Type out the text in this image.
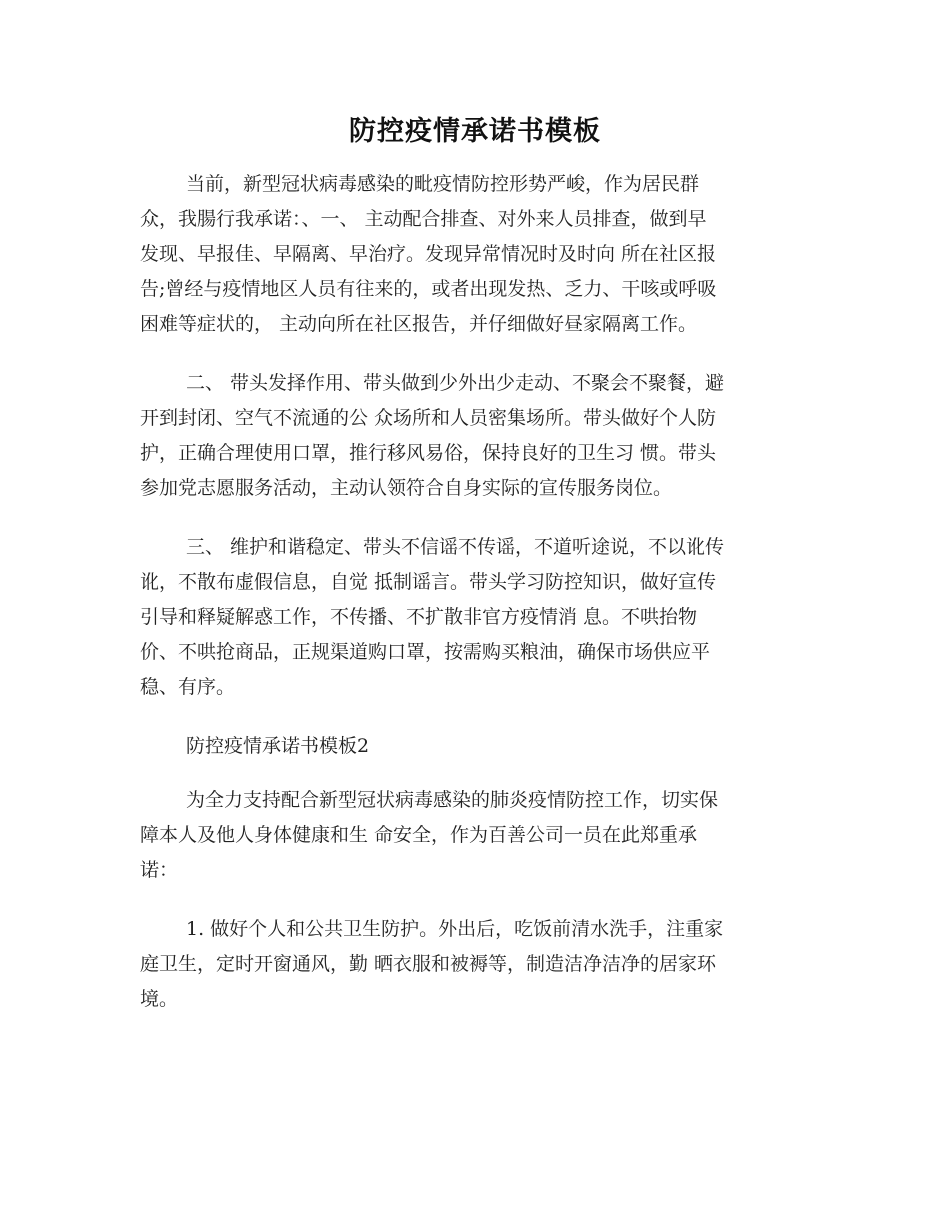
防控疫情承诺书模板

当前，新型冠状病毒感染的毗疫情防控形势严峻，作为居民群

众，我腸行我承诺：、一、 主动配合排查、对外来人员排查，做到早

发现、早报佳、早隔离、早治疗。发现异常情况时及时向 所在社区报

告;曾经与疫情地区人员有往来的，或者出现发热、乏力、干咳或呼吸

困难等症状的， 主动向所在社区报告，并仔细做好昼家隔离工作。

二、 带头发择作用、带头做到少外出少走动、不聚会不聚餐，避

开到封闭、空气不流通的公 众场所和人员密集场所。带头做好个人防

护，正确合理使用口罩，推行移风易俗，保持良好的卫生习 惯。带头

参加党志愿服务活动，主动认领符合自身实际的宣传服务岗位。

三、 维护和谐稳定、带头不信谣不传谣，不道听途说，不以讹传

讹，不散布虚假信息，自觉 抵制谣言。带头学习防控知识，做好宣传

引导和释疑解惑工作，不传播、不扩散非官方疫情消 息。不哄抬物

价、不哄抢商品，正规渠道购口罩，按需购买粮油，确保市场供应平

稳、有序。

防控疫情承诺书模板2

为全力支持配合新型冠状病毒感染的肺炎疫情防控工作，切实保

障本人及他人身体健康和生 命安全，作为百善公司一员在此郑重承

诺：

1. 做好个人和公共卫生防护。外出后，吃饭前清水洗手，注重家

庭卫生，定时开窗通风，勤 晒衣服和被褥等，制造洁净洁净的居家环

境。
